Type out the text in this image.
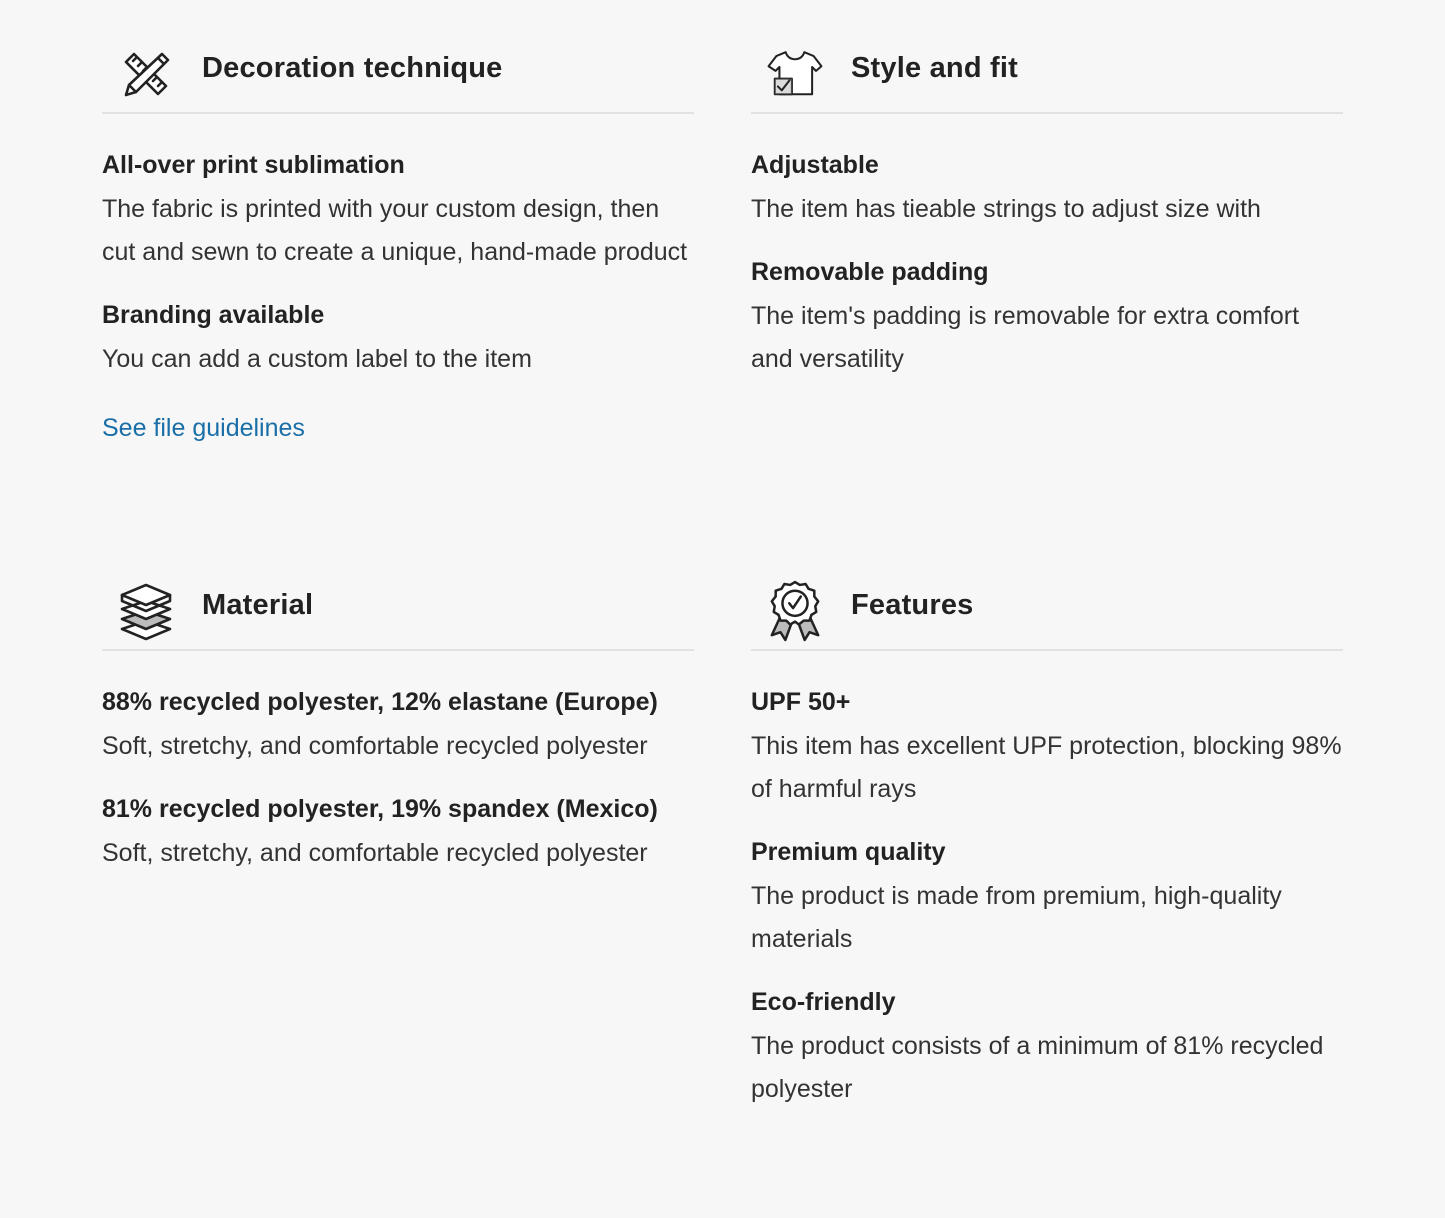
Decoration technique
All-over print sublimation
The fabric is printed with your custom design, then cut and sewn to create a unique, hand-made product
Branding available
You can add a custom label to the item
See file guidelines
Style and fit
Adjustable
The item has tieable strings to adjust size with
Removable padding
The item's padding is removable for extra comfort and versatility
Material
88% recycled polyester, 12% elastane (Europe)
Soft, stretchy, and comfortable recycled polyester
81% recycled polyester, 19% spandex (Mexico)
Soft, stretchy, and comfortable recycled polyester
Features
UPF 50+
This item has excellent UPF protection, blocking 98% of harmful rays
Premium quality
The product is made from premium, high-quality materials
Eco-friendly
The product consists of a minimum of 81% recycled polyester
